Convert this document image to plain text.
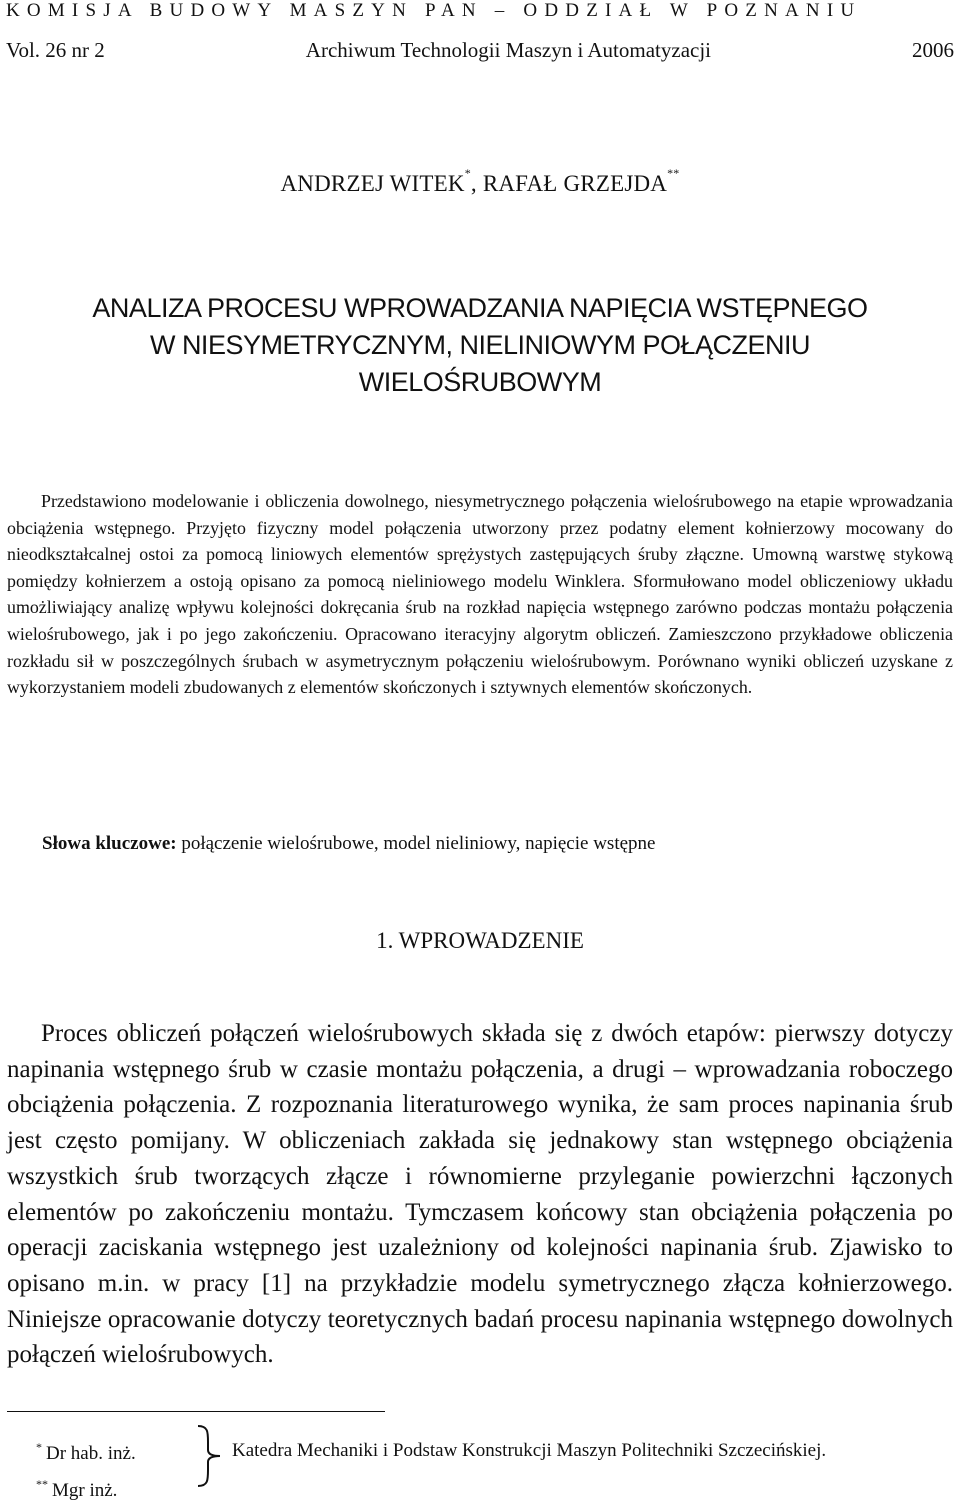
KOMISJA BUDOWY MASZYN PAN – ODDZIAŁ W POZNANIU
Vol. 26 nr 2	Archiwum Technologii Maszyn i Automatyzacji	2006
ANDRZEJ WITEK*, RAFAŁ GRZEJDA**
ANALIZA PROCESU WPROWADZANIA NAPIĘCIA WSTĘPNEGO
W NIESYMETRYCZNYM, NIELINIOWYM POŁĄCZENIU
WIELOŚRUBOWYM

Przedstawiono modelowanie i obliczenia dowolnego, niesymetrycznego połączenia wielośrubowego na etapie wprowadzania obciążenia wstępnego. Przyjęto fizyczny model połączenia utworzony przez podatny element kołnierzowy mocowany do nieodkształcalnej ostoi za pomocą liniowych elementów sprężystych zastępujących śruby złączne. Umowną warstwę stykową pomiędzy kołnierzem a ostoją opisano za pomocą nieliniowego modelu Winklera. Sformułowano model obliczeniowy układu umożliwiający analizę wpływu kolejności dokręcania śrub na rozkład napięcia wstępnego zarówno podczas montażu połączenia wielośrubowego, jak i po jego zakończeniu. Opracowano iteracyjny algorytm obliczeń. Zamieszczono przykładowe obliczenia rozkładu sił w poszczególnych śrubach w asymetrycznym połączeniu wielośrubowym. Porównano wyniki obliczeń uzyskane z wykorzystaniem modeli zbudowanych z elementów skończonych i sztywnych elementów skończonych.

Słowa kluczowe: połączenie wielośrubowe, model nieliniowy, napięcie wstępne
1. WPROWADZENIE

Proces obliczeń połączeń wielośrubowych składa się z dwóch etapów: pierwszy dotyczy napinania wstępnego śrub w czasie montażu połączenia, a drugi – wprowadzania roboczego obciążenia połączenia. Z rozpoznania literaturowego wynika, że sam proces napinania śrub jest często pomijany. W obliczeniach zakłada się jednakowy stan wstępnego obciążenia wszystkich śrub tworzących złącze i równomierne przyleganie powierzchni łączonych elementów po zakończeniu montażu. Tymczasem końcowy stan obciążenia połączenia po operacji zaciskania wstępnego jest uzależniony od kolejności napinania śrub. Zjawisko to opisano m.in. w pracy [1] na przykładzie modelu symetrycznego złącza kołnierzowego. Niniejsze opracowanie dotyczy teoretycznych badań procesu napinania wstępnego dowolnych połączeń wielośrubowych.

* Dr hab. inż.
** Mgr inż.
Katedra Mechaniki i Podstaw Konstrukcji Maszyn Politechniki Szczecińskiej.
